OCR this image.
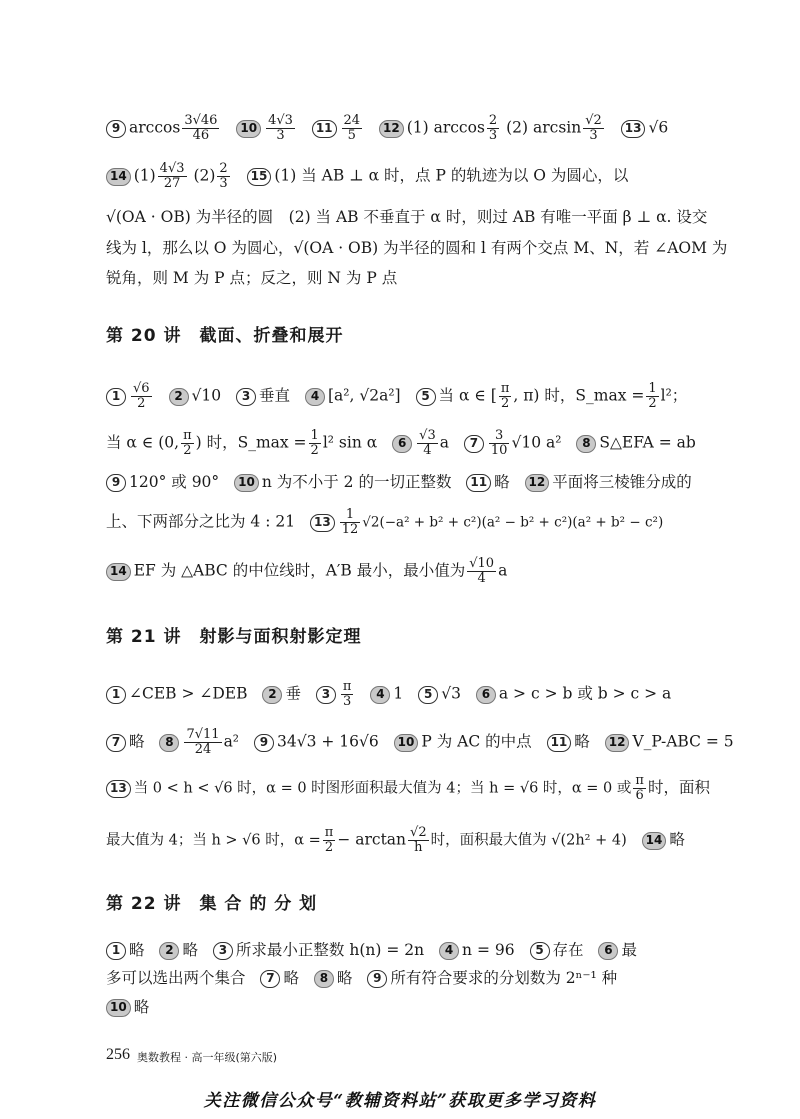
9 $\arccos \frac{3√46}{46} 10 \frac{4√3}{3} 11 \frac{24}{5} 12$ (1) $\arccos \frac{2}{3} (2)$ $\arcsin \frac{√2}{3} 13$ √6
14 $(1) \frac{4√3}{27} (2) \frac{2}{3} 15$ (1) 当 AB ⊥ α 时，点 P 的轨迹为以 O 为圆心，以
√(OA · OB) 为半径的圆　(2) 当 AB 不垂直于 α 时，则过 AB 有唯一平面 β ⊥ α. 设交
线为 l，那么以 O 为圆心，√(OA · OB) 为半径的圆和 l 有两个交点 M、N，若 ∠AOM 为
锐角，则 M 为 P 点；反之，则 N 为 P 点
第 20 讲　截面、折叠和展开
$1 \frac{√6}{2} 2$ √10 3 垂直 4 [a², √2a²] 5 当 α ∈ [ $\frac{\pi}{2}$ , π) 时，S_max = $\frac{1}{2} l^2$；
当 α ∈ (0, $\frac{\pi}{2}$ ) 时，S_max = $\frac{1}{2} l^2$ sin α $6 \frac{√3}{4}$ a $7 \frac{3}{10} √10$ a² 8 S△EFA = ab
9 120° 或 90° 10 n 为不小于 2 的一切正整数 11 略 12 平面将三棱锥分成的
上、下两部分之比为 4 : 21 $13 \frac{1}{12} √2(-a^2 + b^2 + c^2)(a^2 - b^2 + c^2)(a^2 + b^2 - c^2)$
14 EF 为 △ABC 的中位线时，A′B 最小，最小值为 $\frac{√10}{4}$ a
第 21 讲　射影与面积射影定理
1 ∠CEB > ∠DEB 2 垂 $3 \frac{\pi}{3} 4$ 1 5 √3 6 a > c > b 或 b > c > a
7 略 $8 \frac{7√11}{24} a^2$ 9 34√3 + 16√6 10 P 为 AC 的中点 11 略 12 V_P-ABC = 5
13 当 0 < h < √6 时，α = 0 时图形面积最大值为 4；当 h = √6 时，α = 0 或 $\frac{\pi}{6}$ 时，面积
最大值为 4；当 h > √6 时，$\alpha = \frac{\pi}{2} - \arctan \frac{√2}{h}$ 时，面积最大值为 √(2h² + 4) 14 略
第 22 讲　集 合 的 分 划
1 略 2 略 3 所求最小正整数 h(n) = 2n 4 n = 96 5 存在 6 最
多可以选出两个集合 7 略 8 略 9 所有符合要求的分划数为 2ⁿ⁻¹ 种
10 略
256 奥数教程 · 高一年级(第六版)
关注微信公众号“教辅资料站”获取更多学习资料
